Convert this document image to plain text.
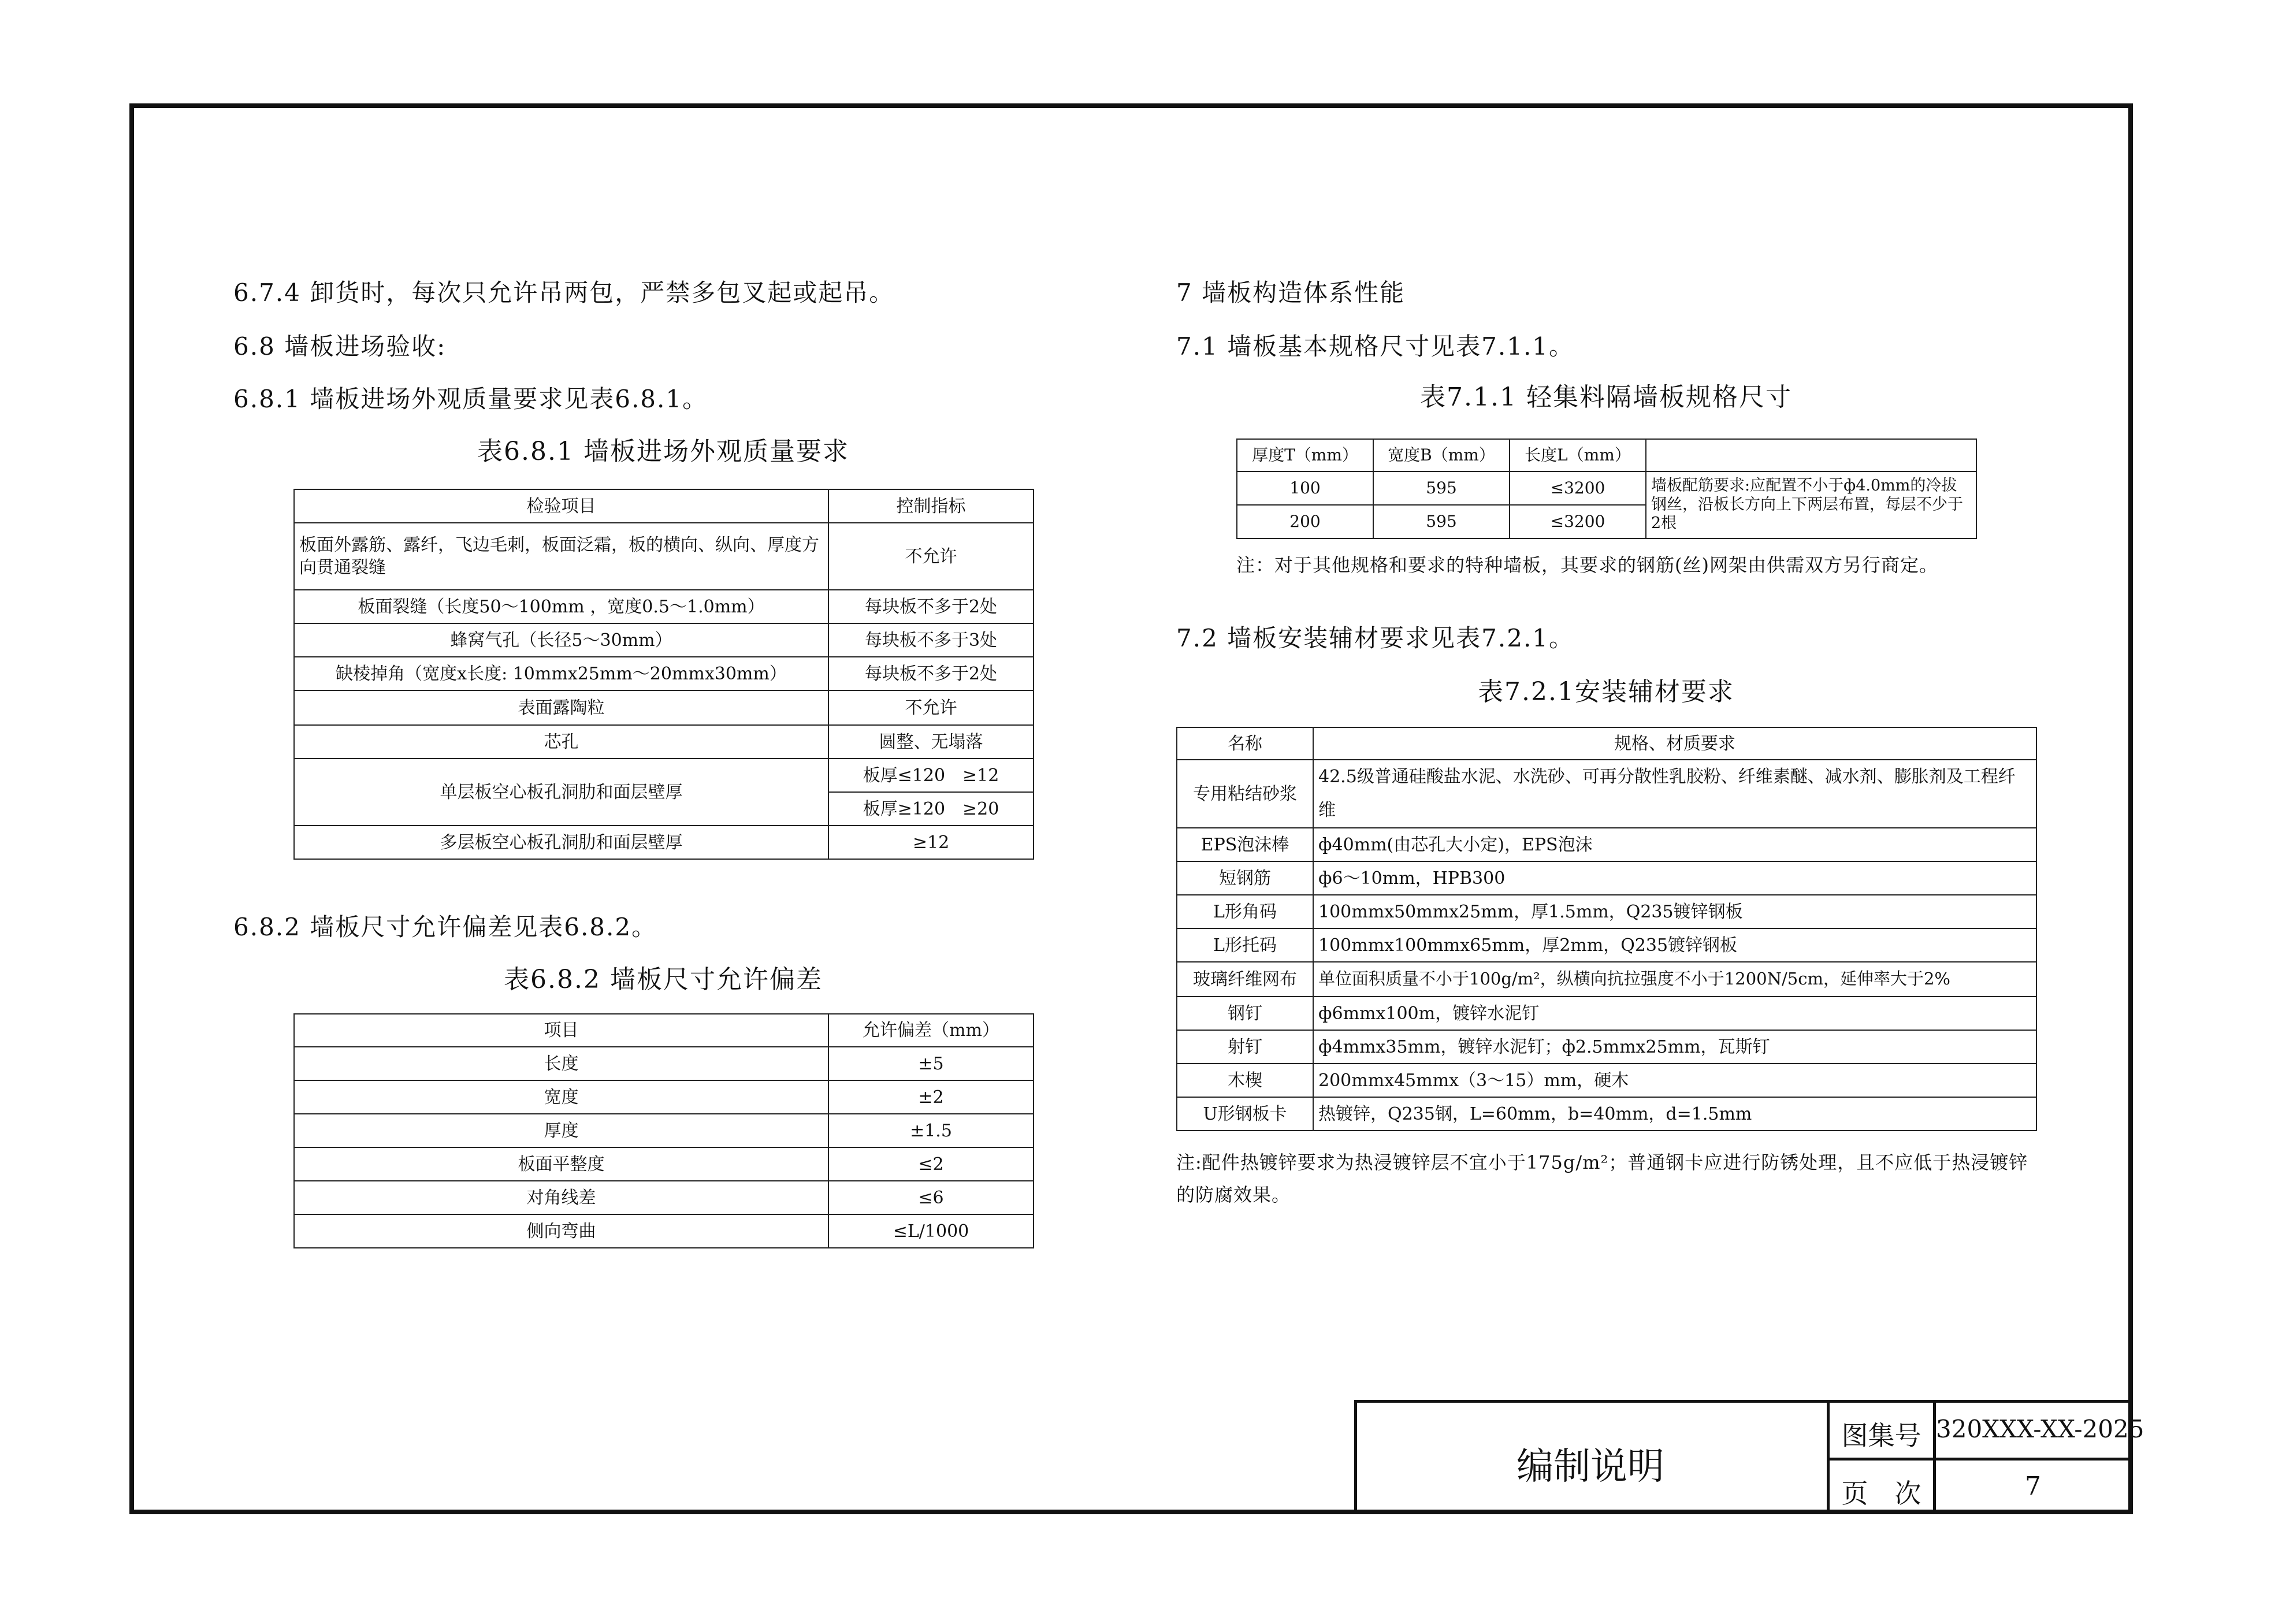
6.7.4 卸货时，每次只允许吊两包，严禁多包叉起或起吊。
6.8 墙板进场验收:
6.8.1 墙板进场外观质量要求见表6.8.1。
表6.8.1 墙板进场外观质量要求
检验项目	控制指标
板面外露筋、露纤，飞边毛刺，板面泛霜，板的横向、纵向、厚度方向贯通裂缝	不允许
板面裂缝（长度50～100mm ，宽度0.5～1.0mm）	每块板不多于2处
蜂窝气孔（长径5～30mm）	每块板不多于3处
缺棱掉角（宽度x长度: 10mmx25mm～20mmx30mm）	每块板不多于2处
表面露陶粒	不允许
芯孔	圆整、无塌落
单层板空心板孔洞肋和面层壁厚	板厚≤120　≥12
	板厚≥120　≥20
多层板空心板孔洞肋和面层壁厚	≥12
6.8.2 墙板尺寸允许偏差见表6.8.2。
表6.8.2 墙板尺寸允许偏差
项目	允许偏差（mm）
长度	±5
宽度	±2
厚度	±1.5
板面平整度	≤2
对角线差	≤6
侧向弯曲	≤L/1000
7 墙板构造体系性能
7.1 墙板基本规格尺寸见表7.1.1。
表7.1.1 轻集料隔墙板规格尺寸
厚度T（mm）	宽度B（mm）	长度L（mm）	
100	595	≤3200	墙板配筋要求:应配置不小于ф4.0mm的冷拔钢丝，沿板长方向上下两层布置，每层不少于2根
200	595	≤3200	
注：对于其他规格和要求的特种墙板，其要求的钢筋(丝)网架由供需双方另行商定。
7.2 墙板安装辅材要求见表7.2.1。
表7.2.1安装辅材要求
名称	规格、材质要求
专用粘结砂浆	42.5级普通硅酸盐水泥、水洗砂、可再分散性乳胶粉、纤维素醚、减水剂、膨胀剂及工程纤维
EPS泡沫棒	ф40mm(由芯孔大小定)，EPS泡沫
短钢筋	ф6～10mm，HPB300
L形角码	100mmx50mmx25mm，厚1.5mm，Q235镀锌钢板
L形托码	100mmx100mmx65mm，厚2mm，Q235镀锌钢板
玻璃纤维网布	单位面积质量不小于100g/m²，纵横向抗拉强度不小于1200N/5cm，延伸率大于2%
钢钉	ф6mmx100m，镀锌水泥钉
射钉	ф4mmx35mm，镀锌水泥钉；ф2.5mmx25mm，瓦斯钉
木楔	200mmx45mmx（3～15）mm，硬木
U形钢板卡	热镀锌，Q235钢，L=60mm，b=40mm，d=1.5mm
注:配件热镀锌要求为热浸镀锌层不宜小于175g/m²；普通钢卡应进行防锈处理，且不应低于热浸镀锌的防腐效果。
编制说明
图集号 320XXX-XX-2025
页　次	7
